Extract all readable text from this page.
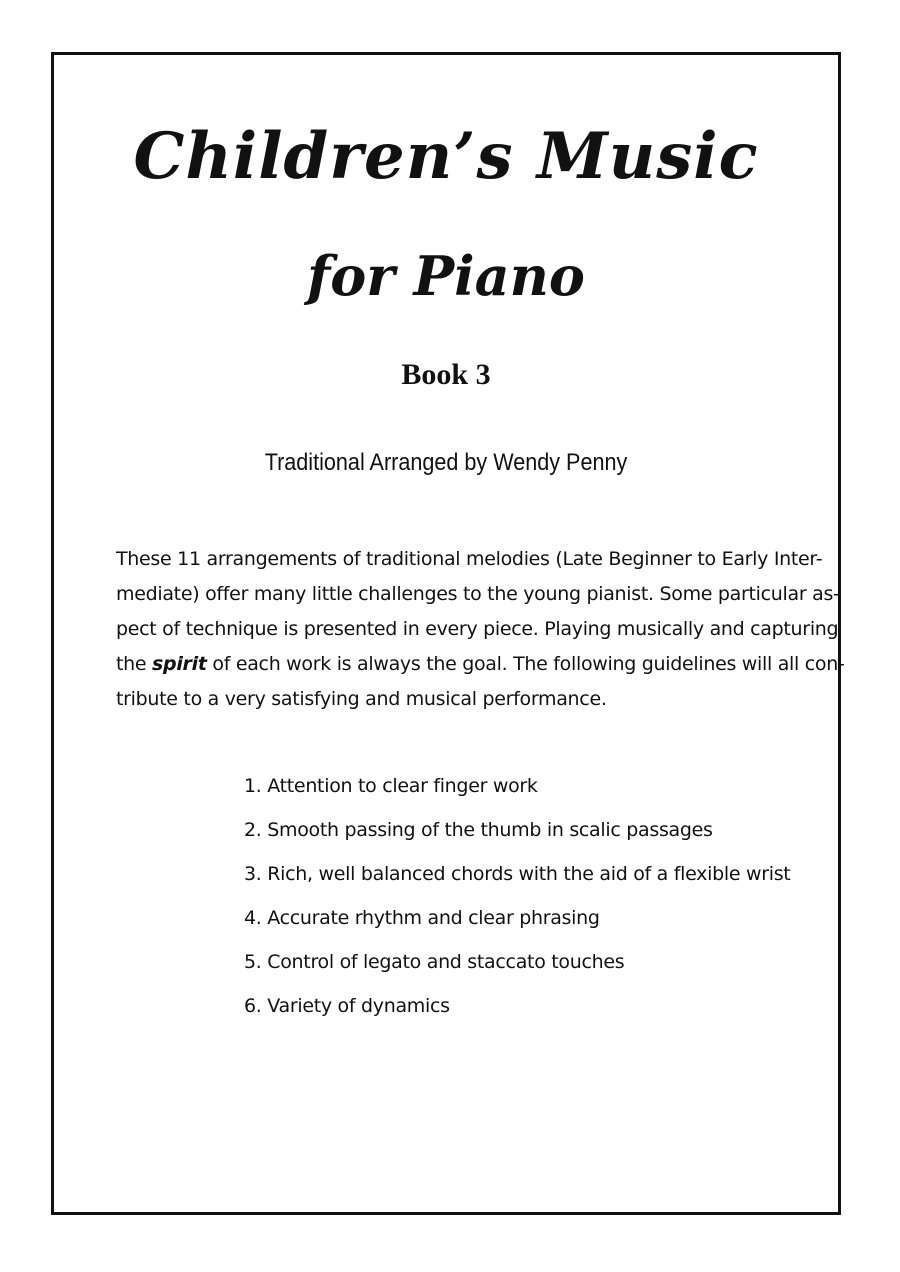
Children’s Music
for Piano
Book 3
Traditional Arranged by Wendy Penny

These 11 arrangements of traditional melodies (Late Beginner to Early Inter-
mediate) offer many little challenges to the young pianist. Some particular as-
pect of technique is presented in every piece. Playing musically and capturing
the spirit of each work is always the goal. The following guidelines will all con-
tribute to a very satisfying and musical performance.

1. Attention to clear finger work
2. Smooth passing of the thumb in scalic passages
3. Rich, well balanced chords with the aid of a flexible wrist
4. Accurate rhythm and clear phrasing
5. Control of legato and staccato touches
6. Variety of dynamics
